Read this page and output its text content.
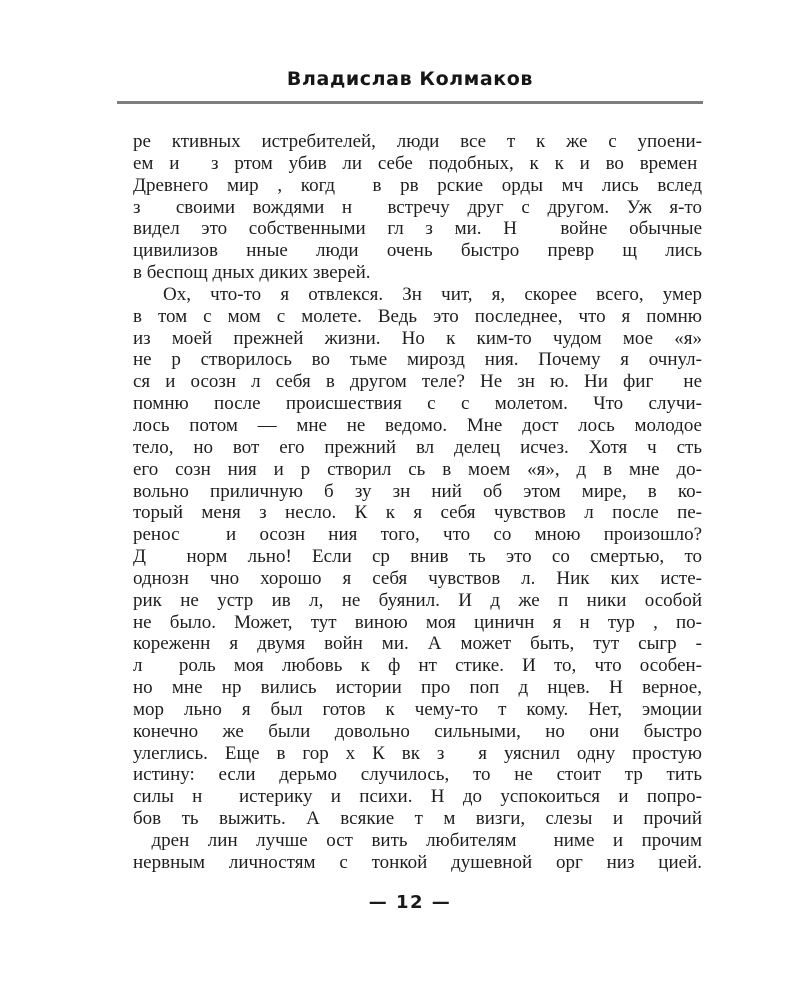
Владислав Колмаков
ре ктивных истребителей, люди все т к же с упоени-
ем и  з ртом убив ли себе подобных, к к и во времен
Древнего мир , когд  в рв рские орды мч лись вслед
з  своими вождями н  встречу друг с другом. Уж я-то
видел это собственными гл з ми. Н  войне обычные
цивилизов нные люди очень быстро превр щ лись
в беспощ дных диких зверей.
Ох, что-то я отвлекся. Зн чит, я, скорее всего, умер
в том с мом с молете. Ведь это последнее, что я помню
из моей прежней жизни. Но к ким-то чудом мое «я»
не р створилось во тьме мирозд ния. Почему я очнул-
ся и осозн л себя в другом теле? Не зн ю. Ни фиг  не
помню после происшествия с с молетом. Что случи-
лось потом — мне не ведомо. Мне дост лось молодое
тело, но вот его прежний вл делец исчез. Хотя ч сть
его созн ния и р створил сь в моем «я», д в мне до-
вольно приличную б зу зн ний об этом мире, в ко-
торый меня з несло. К к я себя чувствов л после пе-
ренос  и осозн ния того, что со мною произошло?
Д  норм льно! Если ср внив ть это со смертью, то
однозн чно хорошо я себя чувствов л. Ник ких исте-
рик не устр ив л, не буянил. И д же п ники особой
не было. Может, тут виною моя циничн я н тур , по-
кореженн я двумя войн ми. А может быть, тут сыгр -
л  роль моя любовь к ф нт стике. И то, что особен-
но мне нр вились истории про поп д нцев. Н верное,
мор льно я был готов к чему-то т кому. Нет, эмоции
конечно же были довольно сильными, но они быстро
улеглись. Еще в гор х К вк з  я уяснил одну простую
истину: если дерьмо случилось, то не стоит тр тить
силы н  истерику и психи. Н до успокоиться и попро-
бов ть выжить. А всякие т м визги, слезы и прочий
дрен лин лучше ост вить любителям  ниме и прочим
нервным личностям с тонкой душевной орг низ цией.
— 12 —
